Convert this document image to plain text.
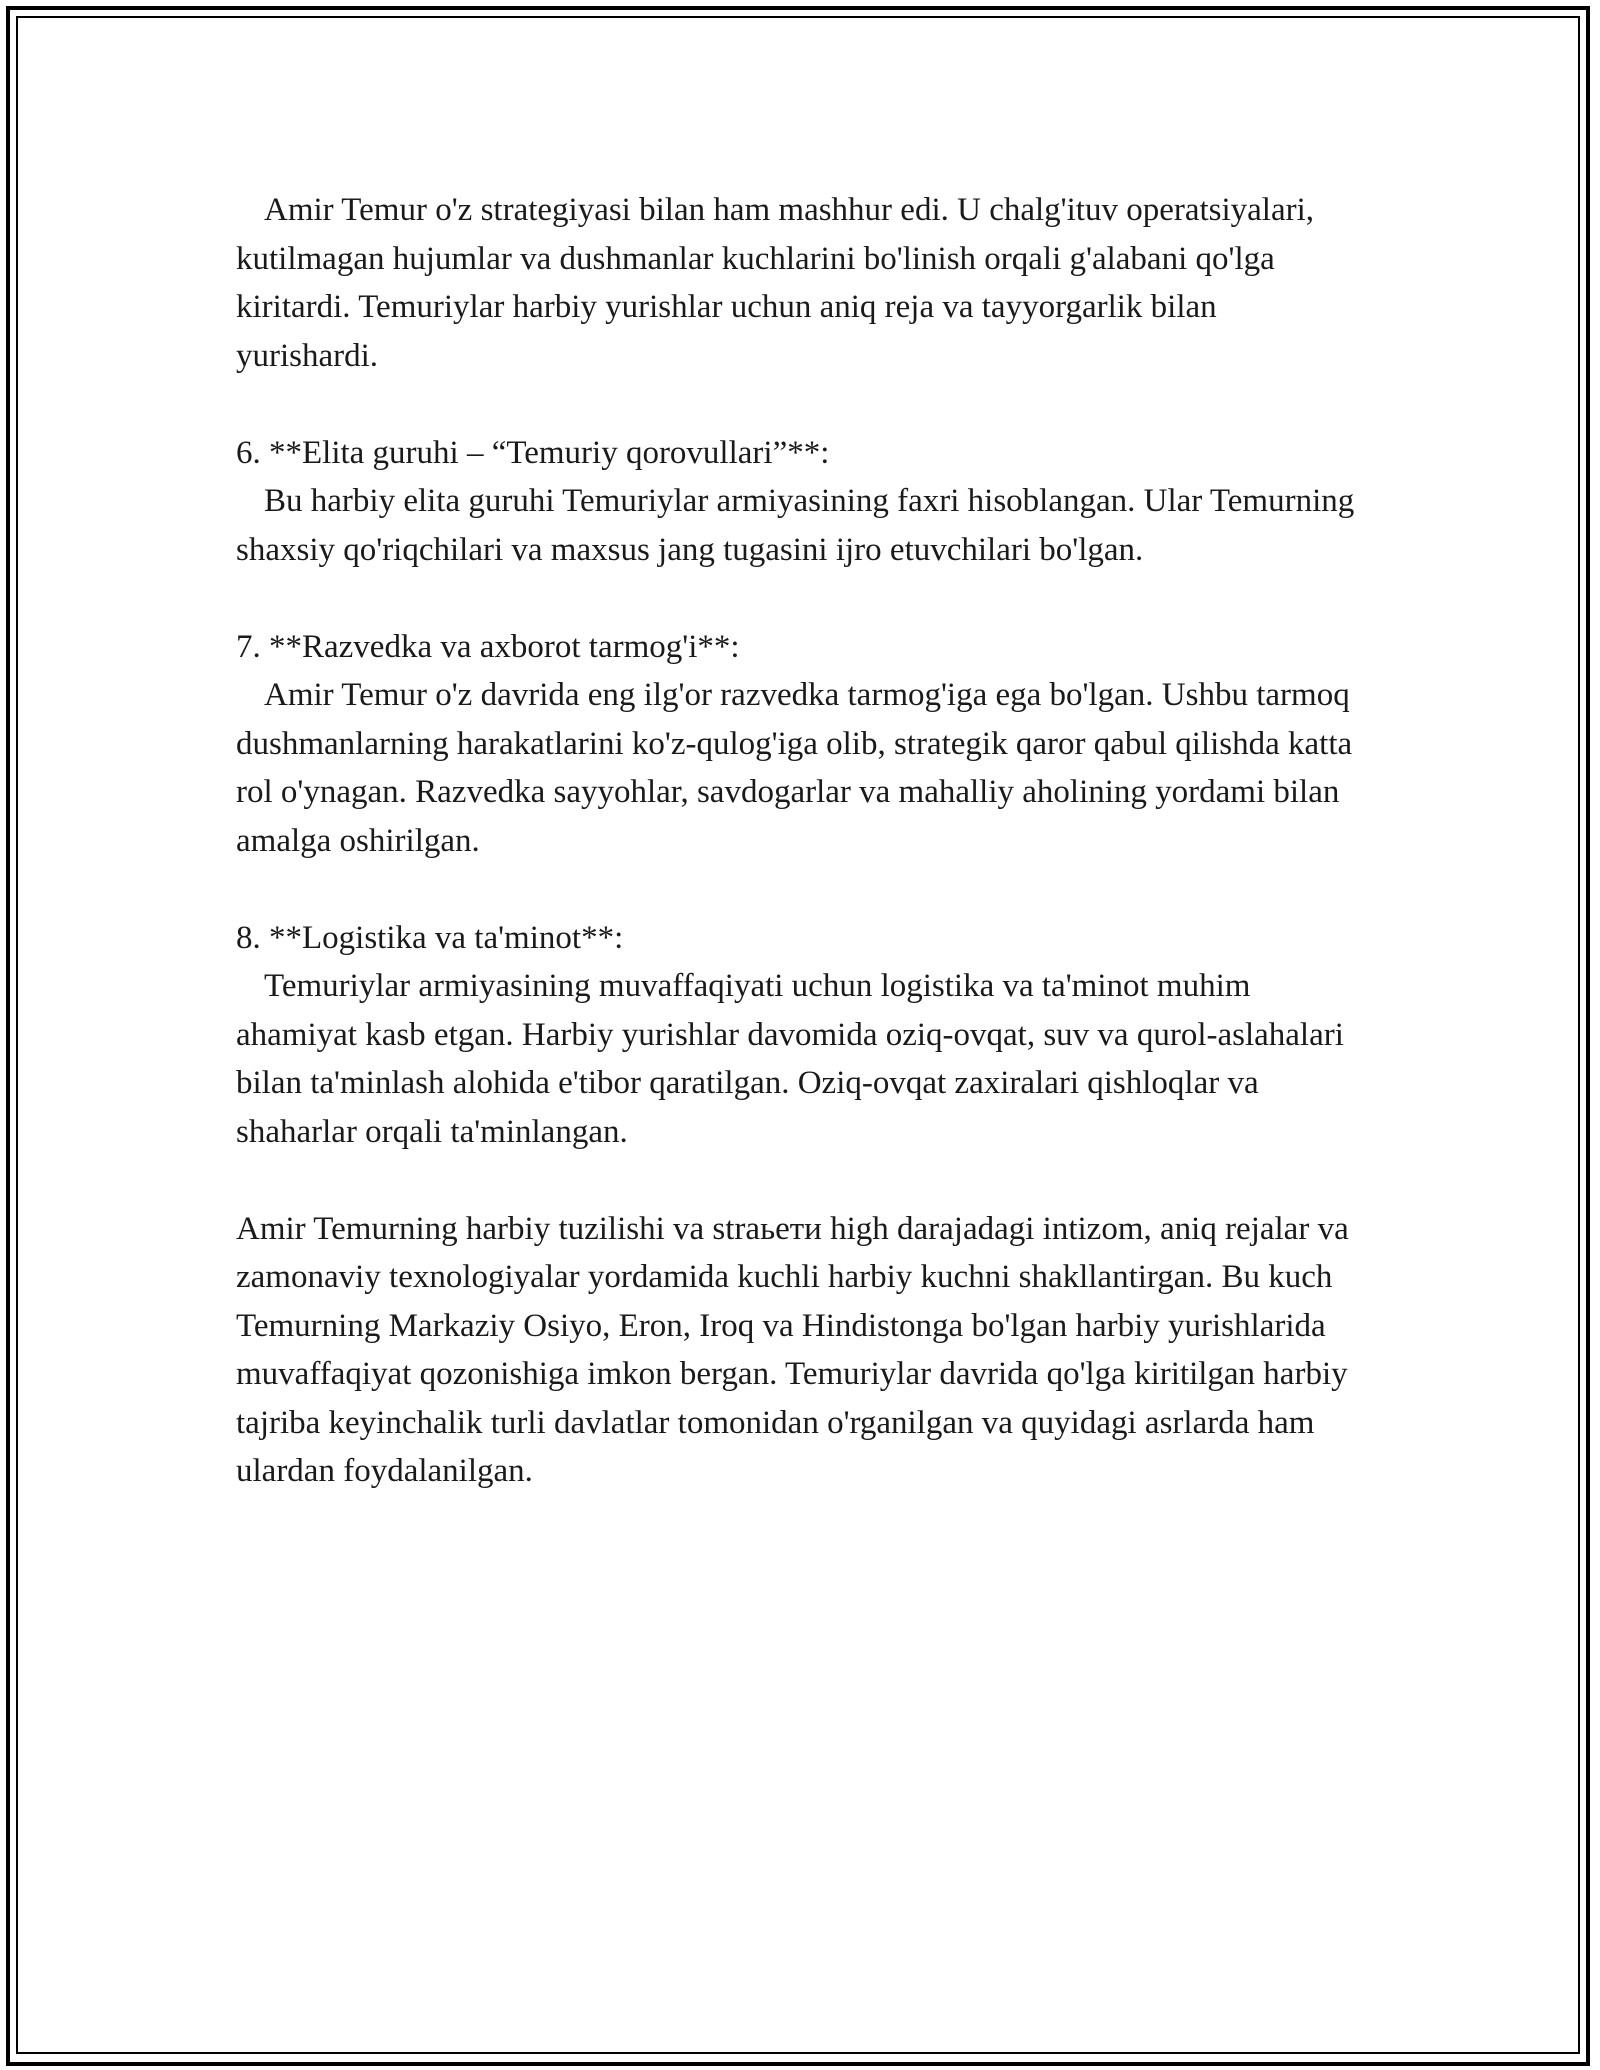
Amir Temur o'z strategiyasi bilan ham mashhur edi. U chalg'ituv operatsiyalari, kutilmagan hujumlar va dushmanlar kuchlarini bo'linish orqali g'alabani qo'lga kiritardi. Temuriylar harbiy yurishlar uchun aniq reja va tayyorgarlik bilan yurishardi.

6. **Elita guruhi – “Temuriy qorovullari”**:

Bu harbiy elita guruhi Temuriylar armiyasining faxri hisoblangan. Ular Temurning shaxsiy qo'riqchilari va maxsus jang tugasini ijro etuvchilari bo'lgan.

7. **Razvedka va axborot tarmog'i**:

Amir Temur o'z davrida eng ilg'or razvedka tarmog'iga ega bo'lgan. Ushbu tarmoq dushmanlarning harakatlarini ko'z-qulog'iga olib, strategik qaror qabul qilishda katta rol o'ynagan. Razvedka sayyohlar, savdogarlar va mahalliy aholining yordami bilan amalga oshirilgan.

8. **Logistika va ta'minot**:

Temuriylar armiyasining muvaffaqiyati uchun logistika va ta'minot muhim ahamiyat kasb etgan. Harbiy yurishlar davomida oziq-ovqat, suv va qurol-aslahalari bilan ta'minlash alohida e'tibor qaratilgan. Oziq-ovqat zaxiralari qishloqlar va shaharlar orqali ta'minlangan.

Amir Temurning harbiy tuzilishi va straьети high darajadagi intizom, aniq rejalar va zamonaviy texnologiyalar yordamida kuchli harbiy kuchni shakllantirgan. Bu kuch Temurning Markaziy Osiyo, Eron, Iroq va Hindistonga bo'lgan harbiy yurishlarida muvaffaqiyat qozonishiga imkon bergan. Temuriylar davrida qo'lga kiritilgan harbiy tajriba keyinchalik turli davlatlar tomonidan o'rganilgan va quyidagi asrlarda ham ulardan foydalanilgan.
